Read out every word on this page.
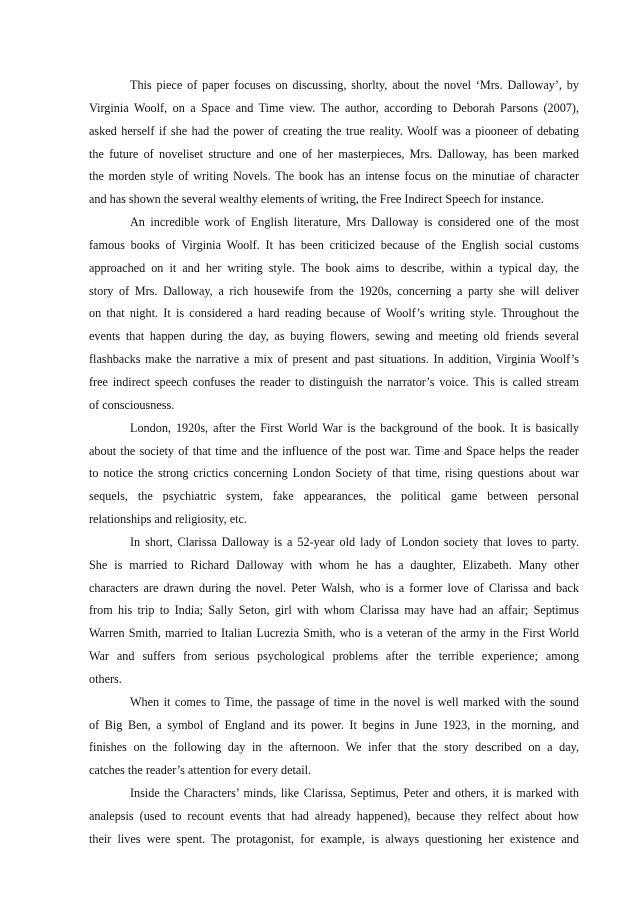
This piece of paper focuses on discussing, shorlty, about the novel ‘Mrs. Dalloway’, by
Virginia Woolf, on a Space and Time view. The author, according to Deborah Parsons (2007),
asked herself if she had the power of creating the true reality. Woolf was a piooneer of debating
the future of noveliset structure and one of her masterpieces, Mrs. Dalloway, has been marked
the morden style of writing Novels. The book has an intense focus on the minutiae of character
and has shown the several wealthy elements of writing, the Free Indirect Speech for instance.
An incredible work of English literature, Mrs Dalloway is considered one of the most
famous books of Virginia Woolf. It has been criticized because of the English social customs
approached on it and her writing style. The book aims to describe, within a typical day, the
story of Mrs. Dalloway, a rich housewife from the 1920s, concerning a party she will deliver
on that night. It is considered a hard reading because of Woolf’s writing style. Throughout the
events that happen during the day, as buying flowers, sewing and meeting old friends several
flashbacks make the narrative a mix of present and past situations. In addition, Virginia Woolf’s
free indirect speech confuses the reader to distinguish the narrator’s voice. This is called stream
of consciousness.
London, 1920s, after the First World War is the background of the book. It is basically
about the society of that time and the influence of the post war. Time and Space helps the reader
to notice the strong crictics concerning London Society of that time, rising questions about war
sequels, the psychiatric system, fake appearances, the political game between personal
relationships and religiosity, etc.
In short, Clarissa Dalloway is a 52-year old lady of London society that loves to party.
She is married to Richard Dalloway with whom he has a daughter, Elizabeth. Many other
characters are drawn during the novel. Peter Walsh, who is a former love of Clarissa and back
from his trip to India; Sally Seton, girl with whom Clarissa may have had an affair; Septimus
Warren Smith, married to Italian Lucrezia Smith, who is a veteran of the army in the First World
War and suffers from serious psychological problems after the terrible experience; among
others.
When it comes to Time, the passage of time in the novel is well marked with the sound
of Big Ben, a symbol of England and its power. It begins in June 1923, in the morning, and
finishes on the following day in the afternoon. We infer that the story described on a day,
catches the reader’s attention for every detail.
Inside the Characters’ minds, like Clarissa, Septimus, Peter and others, it is marked with
analepsis (used to recount events that had already happened), because they relfect about how
their lives were spent. The protagonist, for example, is always questioning her existence and
